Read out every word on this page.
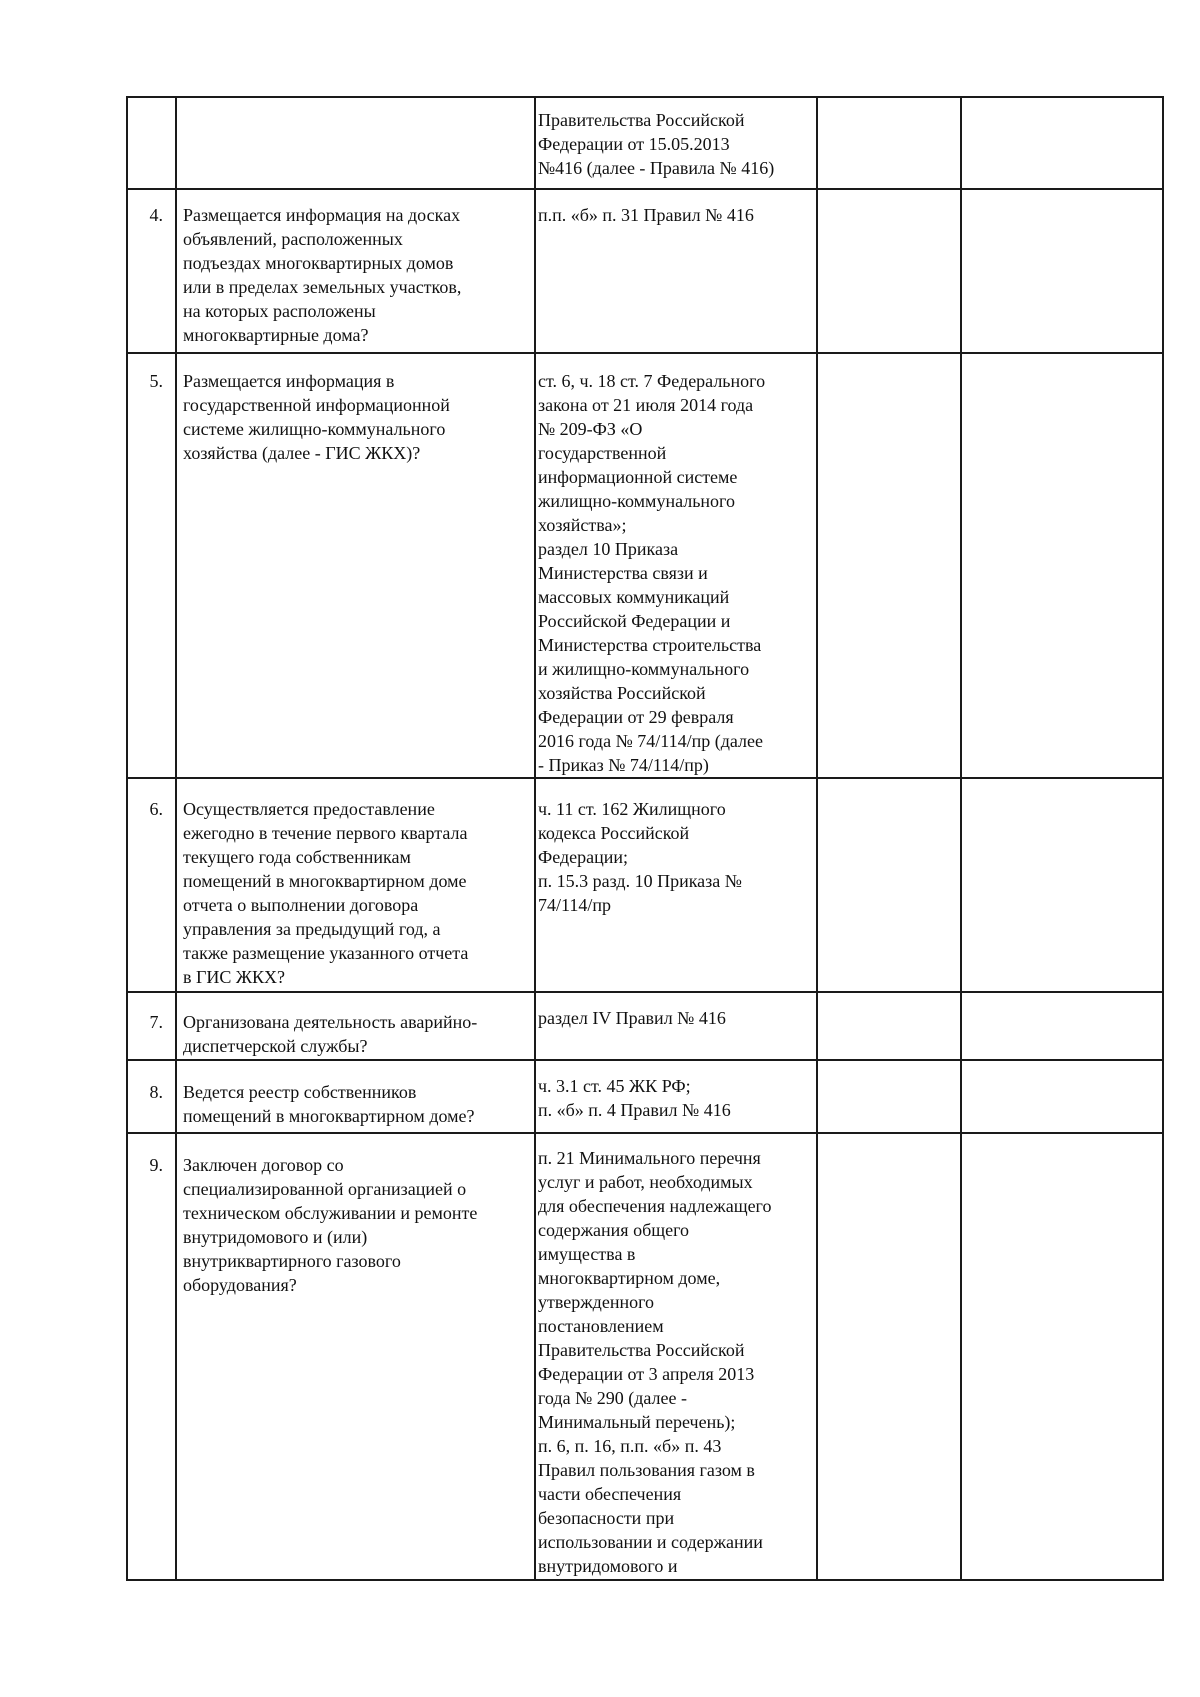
Правительства Российской
Федерации от 15.05.2013
№416 (далее - Правила № 416)
4. Размещается информация на досках
объявлений, расположенных
подъездах многоквартирных домов
или в пределах земельных участков,
на которых расположены
многоквартирные дома?
п.п. «б» п. 31 Правил № 416
5. Размещается информация в
государственной информационной
системе жилищно-коммунального
хозяйства (далее - ГИС ЖКХ)?
ст. 6, ч. 18 ст. 7 Федерального
закона от 21 июля 2014 года
№ 209-ФЗ «О
государственной
информационной системе
жилищно-коммунального
хозяйства»;
раздел 10 Приказа
Министерства связи и
массовых коммуникаций
Российской Федерации и
Министерства строительства
и жилищно-коммунального
хозяйства Российской
Федерации от 29 февраля
2016 года № 74/114/пр (далее
- Приказ № 74/114/пр)
6. Осуществляется предоставление
ежегодно в течение первого квартала
текущего года собственникам
помещений в многоквартирном доме
отчета о выполнении договора
управления за предыдущий год, а
также размещение указанного отчета
в ГИС ЖКХ?
ч. 11 ст. 162 Жилищного
кодекса Российской
Федерации;
п. 15.3 разд. 10 Приказа №
74/114/пр
7. Организована деятельность аварийно-
диспетчерской службы?
раздел IV Правил № 416
8. Ведется реестр собственников
помещений в многоквартирном доме?
ч. 3.1 ст. 45 ЖК РФ;
п. «б» п. 4 Правил № 416
9. Заключен договор со
специализированной организацией о
техническом обслуживании и ремонте
внутридомового и (или)
внутриквартирного газового
оборудования?
п. 21 Минимального перечня
услуг и работ, необходимых
для обеспечения надлежащего
содержания общего
имущества в
многоквартирном доме,
утвержденного
постановлением
Правительства Российской
Федерации от 3 апреля 2013
года № 290 (далее -
Минимальный перечень);
п. 6, п. 16, п.п. «б» п. 43
Правил пользования газом в
части обеспечения
безопасности при
использовании и содержании
внутридомового и
